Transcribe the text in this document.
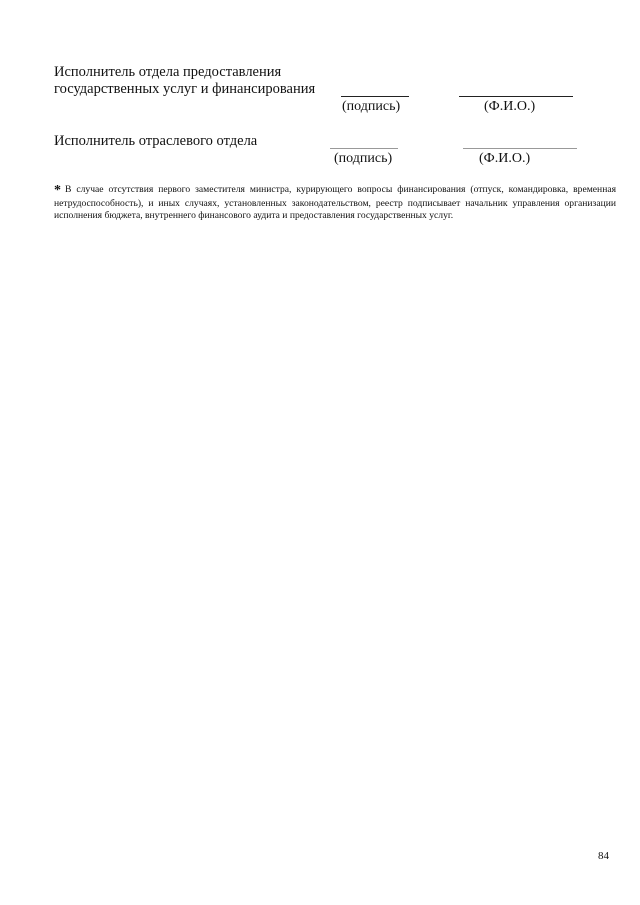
Исполнитель отдела предоставления
государственных услуг и финансирования
(подпись)	(Ф.И.О.)
Исполнитель отраслевого отдела
(подпись)	(Ф.И.О.)
* В случае отсутствия первого заместителя министра, курирующего вопросы финансирования (отпуск, командировка, временная нетрудоспособность), и иных случаях, установленных законодательством, реестр подписывает начальник управления организации исполнения бюджета, внутреннего финансового аудита и предоставления государственных услуг.
84
